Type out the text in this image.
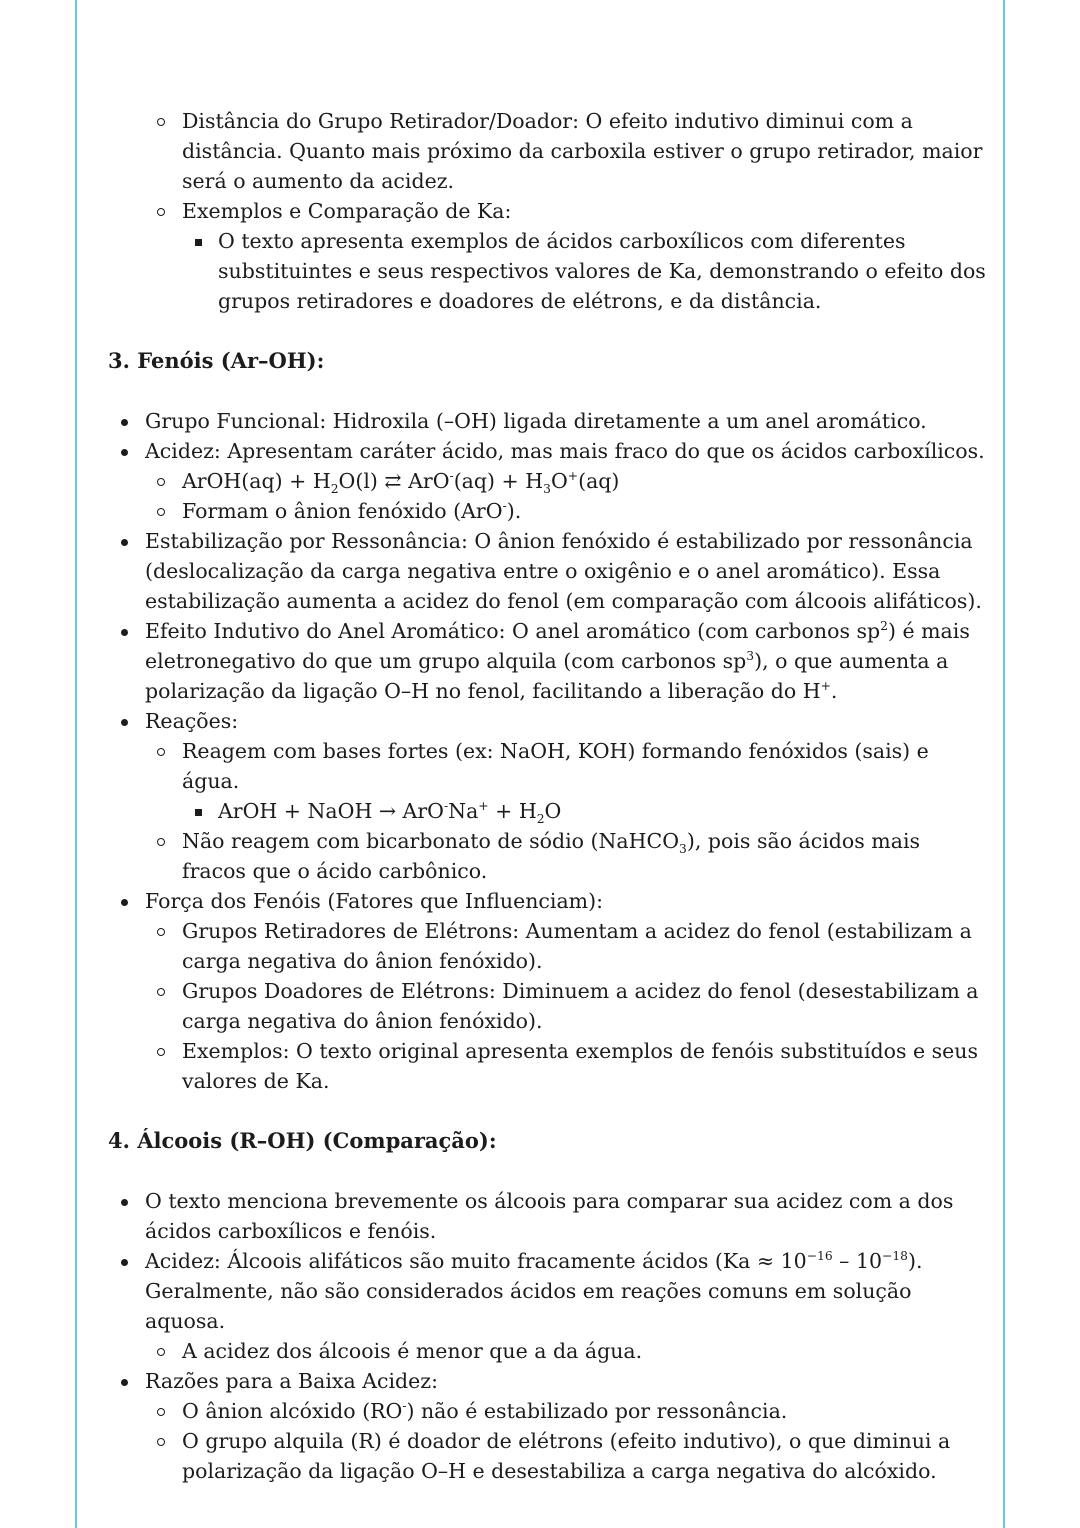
Distância do Grupo Retirador/Doador: O efeito indutivo diminui com a distância. Quanto mais próximo da carboxila estiver o grupo retirador, maior será o aumento da acidez.
Exemplos e Comparação de Ka:
O texto apresenta exemplos de ácidos carboxílicos com diferentes substituintes e seus respectivos valores de Ka, demonstrando o efeito dos grupos retiradores e doadores de elétrons, e da distância.
3. Fenóis (Ar–OH):
Grupo Funcional: Hidroxila (–OH) ligada diretamente a um anel aromático.
Acidez: Apresentam caráter ácido, mas mais fraco do que os ácidos carboxílicos.
ArOH(aq) + $H_2O(l)$ ⇄ $ArO^-(aq) + H_3O^+(aq)$
Formam o ânion fenóxido (ArO-).
Estabilização por Ressonância: O ânion fenóxido é estabilizado por ressonância (deslocalização da carga negativa entre o oxigênio e o anel aromático). Essa estabilização aumenta a acidez do fenol (em comparação com álcoois alifáticos).
Efeito Indutivo do Anel Aromático: O anel aromático (com carbonos $sp^2$) é mais eletronegativo do que um grupo alquila (com carbonos $sp^3$), o que aumenta a polarização da ligação O–H no fenol, facilitando a liberação do H+.
Reações:
Reagem com bases fortes (ex: NaOH, KOH) formando fenóxidos (sais) e água.
ArOH + NaOH → $ArO^-Na^+ + H_2O$
Não reagem com bicarbonato de sódio (NaHCO$_3$), pois são ácidos mais fracos que o ácido carbônico.
Força dos Fenóis (Fatores que Influenciam):
Grupos Retiradores de Elétrons: Aumentam a acidez do fenol (estabilizam a carga negativa do ânion fenóxido).
Grupos Doadores de Elétrons: Diminuem a acidez do fenol (desestabilizam a carga negativa do ânion fenóxido).
Exemplos: O texto original apresenta exemplos de fenóis substituídos e seus valores de Ka.
4. Álcoois (R–OH) (Comparação):
O texto menciona brevemente os álcoois para comparar sua acidez com a dos ácidos carboxílicos e fenóis.
Acidez: Álcoois alifáticos são muito fracamente ácidos $(Ka \approx 10^{-16} - 10^{-18})$. Geralmente, não são considerados ácidos em reações comuns em solução aquosa.
A acidez dos álcoois é menor que a da água.
Razões para a Baixa Acidez:
O ânion alcóxido (RO-) não é estabilizado por ressonância.
O grupo alquila (R) é doador de elétrons (efeito indutivo), o que diminui a polarização da ligação O–H e desestabiliza a carga negativa do alcóxido.
